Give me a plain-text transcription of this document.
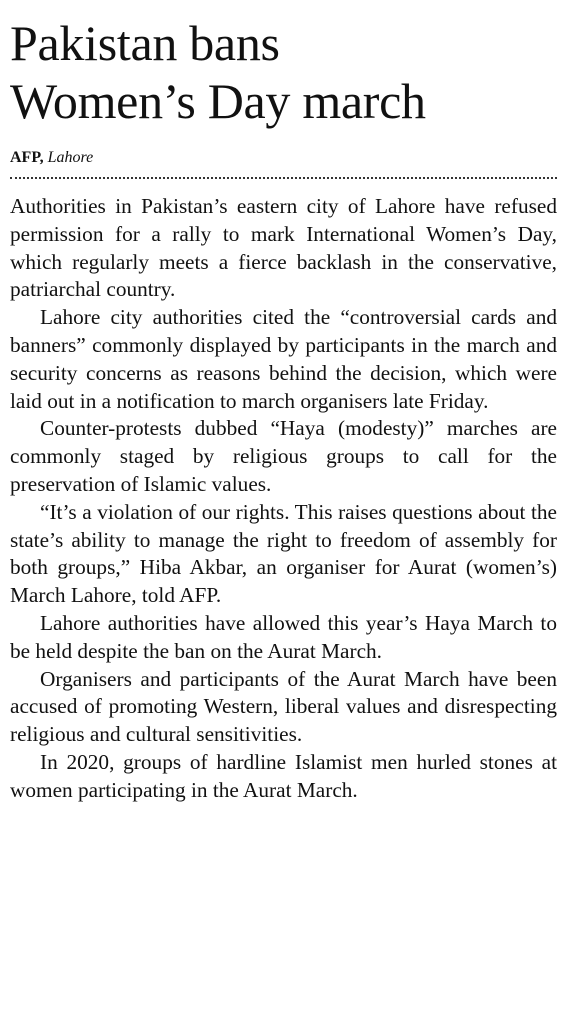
Pakistan bans
Women’s Day march
AFP, Lahore

Authorities in Pakistan’s eastern city of Lahore have refused permission for a rally to mark International Women’s Day, which regularly meets a fierce backlash in the conservative, patriarchal country.

Lahore city authorities cited the “controversial cards and banners” commonly displayed by participants in the march and security concerns as reasons behind the decision, which were laid out in a notification to march organisers late Friday.

Counter-protests dubbed “Haya (modesty)” marches are commonly staged by religious groups to call for the preservation of Islamic values.

“It’s a violation of our rights. This raises questions about the state’s ability to manage the right to freedom of assembly for both groups,” Hiba Akbar, an organiser for Aurat (women’s) March Lahore, told AFP.

Lahore authorities have allowed this year’s Haya March to be held despite the ban on the Aurat March.

Organisers and participants of the Aurat March have been accused of promoting Western, liberal values and disrespecting religious and cultural sensitivities.

In 2020, groups of hardline Islamist men hurled stones at women participating in the Aurat March.
